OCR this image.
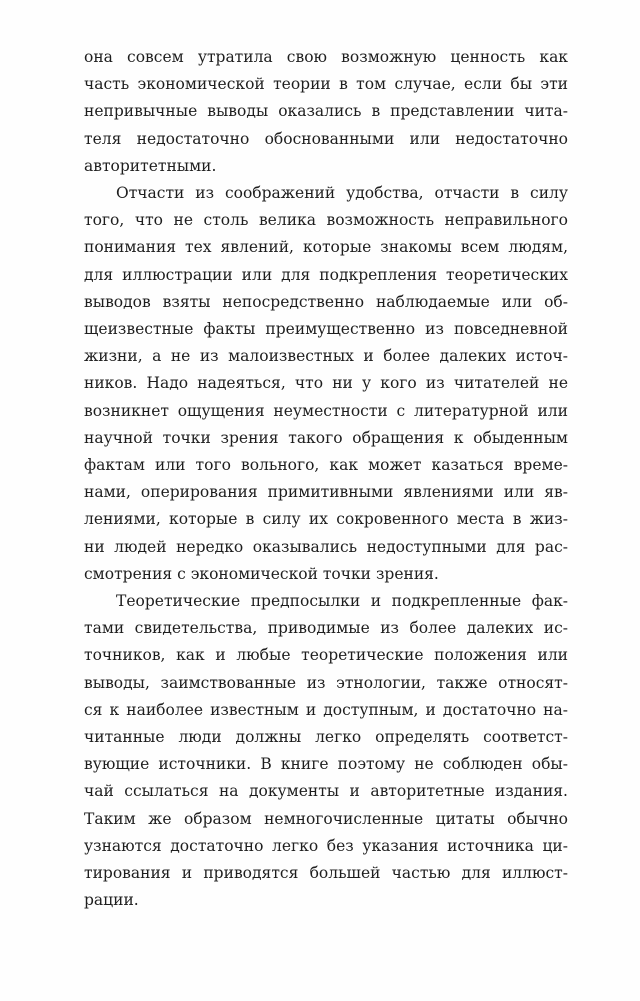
она совсем утратила свою возможную ценность как
часть экономической теории в том случае, если бы эти
непривычные выводы оказались в представлении чита-
теля недостаточно обоснованными или недостаточно
авторитетными.

Отчасти из соображений удобства, отчасти в силу
того, что не столь велика возможность неправильного
понимания тех явлений, которые знакомы всем людям,
для иллюстрации или для подкрепления теоретических
выводов взяты непосредственно наблюдаемые или об-
щеизвестные факты преимущественно из повседневной
жизни, а не из малоизвестных и более далеких источ-
ников. Надо надеяться, что ни у кого из читателей не
возникнет ощущения неуместности с литературной или
научной точки зрения такого обращения к обыденным
фактам или того вольного, как может казаться време-
нами, оперирования примитивными явлениями или яв-
лениями, которые в силу их сокровенного места в жиз-
ни людей нередко оказывались недоступными для рас-
смотрения с экономической точки зрения.

Теоретические предпосылки и подкрепленные фак-
тами свидетельства, приводимые из более далеких ис-
точников, как и любые теоретические положения или
выводы, заимствованные из этнологии, также относят-
ся к наиболее известным и доступным, и достаточно на-
читанные люди должны легко определять соответст-
вующие источники. В книге поэтому не соблюден обы-
чай ссылаться на документы и авторитетные издания.
Таким же образом немногочисленные цитаты обычно
узнаются достаточно легко без указания источника ци-
тирования и приводятся большей частью для иллюст-
рации.
